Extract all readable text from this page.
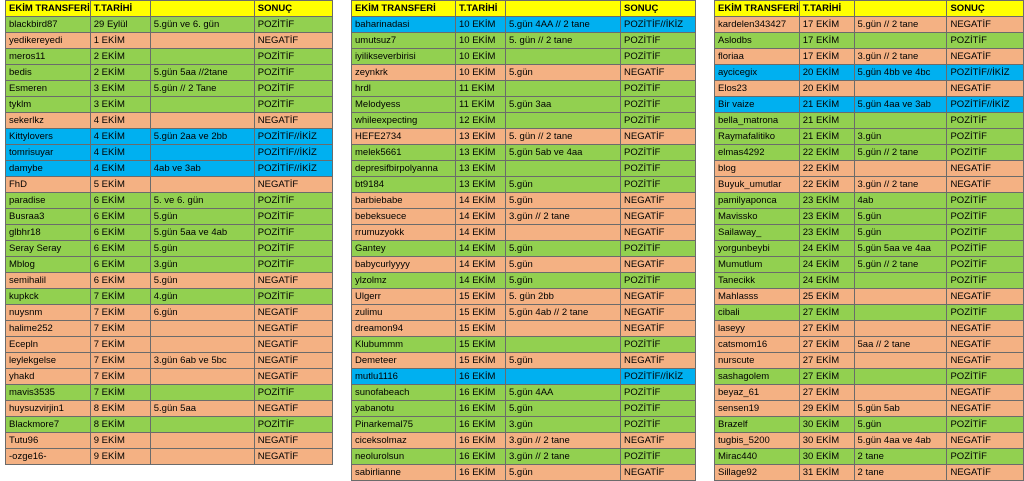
EKİM TRANSFERİ	T.TARİHİ		SONUÇ
blackbird87	29 Eylül	5.gün ve 6. gün	POZİTİF
yedikereyedi	1 EKİM		NEGATİF
meros11	2 EKİM		POZİTİF
bedis	2 EKİM	5.gün 5aa //2tane	POZİTİF
Esmeren	3 EKİM	5.gün // 2 Tane	POZİTİF
tyklm	3 EKİM		POZİTİF
sekerlkz	4 EKİM		NEGATİF
Kittylovers	4 EKİM	5.gün 2aa ve 2bb	POZİTİF//İKİZ
tomrisuyar	4 EKİM		POZİTİF//İKİZ
damybe	4 EKİM	4ab ve 3ab	POZİTİF//İKİZ
FhD	5 EKİM		NEGATİF
paradise	6 EKİM	5. ve 6. gün	POZİTİF
Busraa3	6 EKİM	5.gün	POZİTİF
glbhr18	6 EKİM	5.gün 5aa ve 4ab	POZİTİF
Seray Seray	6 EKİM	5.gün	POZİTİF
Mblog	6 EKİM	3.gün	POZİTİF
semihalil	6 EKİM	5.gün	NEGATİF
kupkck	7 EKİM	4.gün	POZİTİF
nuysnm	7 EKİM	6.gün	NEGATİF
halime252	7 EKİM		NEGATİF
Ecepln	7 EKİM		NEGATİF
leylekgelse	7 EKİM	3.gün 6ab ve 5bc	NEGATİF
yhakd	7 EKİM		NEGATİF
mavis3535	7 EKİM		POZİTİF
huysuzvirjin1	8 EKİM	5.gün 5aa	NEGATİF
Blackmore7	8 EKİM		POZİTİF
Tutu96	9 EKİM		NEGATİF
-ozge16-	9 EKİM		NEGATİF
EKİM TRANSFERİ	T.TARİHİ		SONUÇ
baharinadasi	10 EKİM	5.gün 4AA // 2 tane	POZİTİF//İKİZ
umutsuz7	10 EKİM	5. gün // 2 tane	POZİTİF
iyilikseverbirisi	10 EKİM		POZİTİF
zeynkrk	10 EKİM	5.gün	NEGATİF
hrdl	11 EKİM		POZİTİF
Melodyess	11 EKİM	5.gün 3aa	POZİTİF
whileexpecting	12 EKİM		POZİTİF
HEFE2734	13 EKİM	5. gün // 2 tane	NEGATİF
melek5661	13 EKİM	5.gün 5ab ve 4aa	POZİTİF
depresifbirpolyanna	13 EKİM		POZİTİF
bt9184	13 EKİM	5.gün	POZİTİF
barbiebabe	14 EKİM	5.gün	NEGATİF
bebeksuece	14 EKİM	3.gün // 2 tane	NEGATİF
rrumuzyokk	14 EKİM		NEGATİF
Gantey	14 EKİM	5.gün	POZİTİF
babycurlyyyy	14 EKİM	5.gün	NEGATİF
ylzolmz	14 EKİM	5.gün	POZİTİF
Ulgerr	15 EKİM	5. gün 2bb	NEGATİF
zulimu	15 EKİM	5.gün 4ab // 2 tane	NEGATİF
dreamon94	15 EKİM		NEGATİF
Klubummm	15 EKİM		POZİTİF
Demeteer	15 EKİM	5.gün	NEGATİF
mutlu1116	16 EKİM		POZİTİF//İKİZ
sunofabeach	16 EKİM	5.gün 4AA	POZİTİF
yabanotu	16 EKİM	5.gün	POZİTİF
Pinarkemal75	16 EKİM	3.gün	POZİTİF
ciceksolmaz	16 EKİM	3.gün // 2 tane	NEGATİF
neolurolsun	16 EKİM	3.gün // 2 tane	POZİTİF
sabirlianne	16 EKİM	5.gün	NEGATİF
EKİM TRANSFERİ	T.TARİHİ		SONUÇ
kardelen343427	17 EKİM	5.gün // 2 tane	NEGATİF
Aslodbs	17 EKİM		POZİTİF
floriaa	17 EKİM	3.gün // 2 tane	NEGATİF
aycicegix	20 EKİM	5.gün 4bb ve 4bc	POZİTİF//İKİZ
Elos23	20 EKİM		NEGATİF
Bir vaize	21 EKİM	5.gün 4aa ve 3ab	POZİTİF//İKİZ
bella_matrona	21 EKİM		POZİTİF
Raymafalitiko	21 EKİM	3.gün	POZİTİF
elmas4292	22 EKİM	5.gün // 2 tane	POZİTİF
blog	22 EKİM		NEGATİF
Buyuk_umutlar	22 EKİM	3.gün // 2 tane	NEGATİF
pamilyaponca	23 EKİM	4ab	POZİTİF
Mavissko	23 EKİM	5.gün	POZİTİF
Sailaway_	23 EKİM	5.gün	POZİTİF
yorgunbeybi	24 EKİM	5.gün 5aa ve 4aa	POZİTİF
Mumutlum	24 EKİM	5.gün // 2 tane	POZİTİF
Tanecikk	24 EKİM		POZİTİF
Mahlasss	25 EKİM		NEGATİF
cibali	27 EKİM		POZİTİF
laseyy	27 EKİM		NEGATİF
catsmom16	27 EKİM	5aa // 2 tane	NEGATİF
nurscute	27 EKİM		NEGATİF
sashagolem	27 EKİM		POZİTİF
beyaz_61	27 EKİM		NEGATİF
sensen19	29 EKİM	5.gün 5ab	NEGATİF
Brazelf	30 EKİM	5.gün	POZİTİF
tugbis_5200	30 EKİM	5.gün 4aa ve 4ab	NEGATİF
Mirac440	30 EKİM	2 tane	POZİTİF
Sillage92	31 EKİM	2 tane	NEGATİF
